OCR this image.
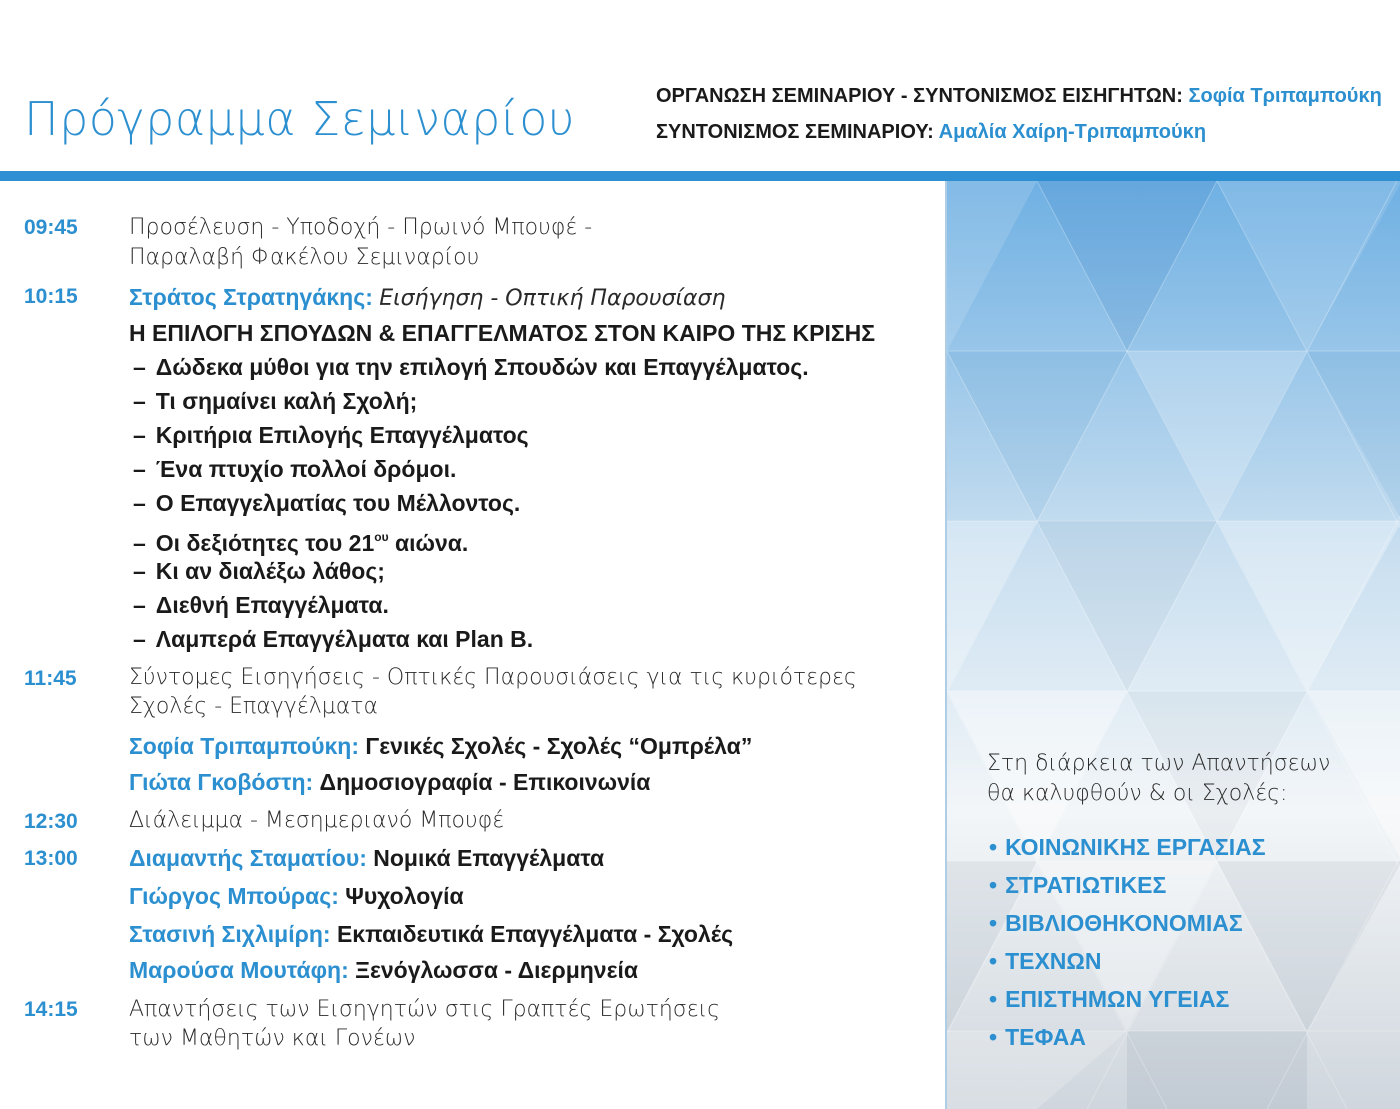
Πρόγραμμα Σεμιναρίου	ΟΡΓΑΝΩΣΗ ΣΕΜΙΝΑΡΙΟΥ - ΣΥΝΤΟΝΙΣΜΟΣ ΕΙΣΗΓΗΤΩΝ: Σοφία Τριπαμπούκη
ΣΥΝΤΟΝΙΣΜΟΣ ΣΕΜΙΝΑΡΙΟΥ: Αμαλία Χαίρη-Τριπαμπούκη
09:45 Προσέλευση - Υποδοχή - Πρωινό Μπουφέ -
Παραλαβή Φακέλου Σεμιναρίου
10:15 Στράτος Στρατηγάκης: Εισήγηση - Οπτική Παρουσίαση
Η ΕΠΙΛΟΓΗ ΣΠΟΥΔΩΝ & ΕΠΑΓΓΕΛΜΑΤΟΣ ΣΤΟΝ ΚΑΙΡΟ ΤΗΣ ΚΡΙΣΗΣ
– Δώδεκα μύθοι για την επιλογή Σπουδών και Επαγγέλματος.
– Τι σημαίνει καλή Σχολή;
– Κριτήρια Επιλογής Επαγγέλματος
– Ένα πτυχίο πολλοί δρόμοι.
– Ο Επαγγελματίας του Μέλλοντος.
– Οι δεξιότητες του $21^{o\upsilon}$ αιώνα.
– Κι αν διαλέξω λάθος;
– Διεθνή Επαγγέλματα.
– Λαμπερά Επαγγέλματα και Plan B.
11:45 Σύντομες Εισηγήσεις - Οπτικές Παρουσιάσεις για τις κυριότερες
Σχολές - Επαγγέλματα
Σοφία Τριπαμπούκη: Γενικές Σχολές - Σχολές “Ομπρέλα”
Γιώτα Γκοβόστη: Δημοσιογραφία - Επικοινωνία
12:30 Διάλειμμα - Μεσημεριανό Μπουφέ
13:00 Διαμαντής Σταματίου: Νομικά Επαγγέλματα
Γιώργος Μπούρας: Ψυχολογία
Στασινή Σιχλιμίρη: Εκπαιδευτικά Επαγγέλματα - Σχολές
Μαρούσα Μουτάφη: Ξενόγλωσσα - Διερμηνεία
14:15 Απαντήσεις των Εισηγητών στις Γραπτές Ερωτήσεις
των Μαθητών και Γονέων
Στη διάρκεια των Απαντήσεων
θα καλυφθούν & οι Σχολές:
• ΚΟΙΝΩΝΙΚΗΣ ΕΡΓΑΣΙΑΣ
• ΣΤΡΑΤΙΩΤΙΚΕΣ
• ΒΙΒΛΙΟΘΗΚΟΝΟΜΙΑΣ
• ΤΕΧΝΩΝ
• ΕΠΙΣΤΗΜΩΝ ΥΓΕΙΑΣ
• ΤΕΦΑΑ
